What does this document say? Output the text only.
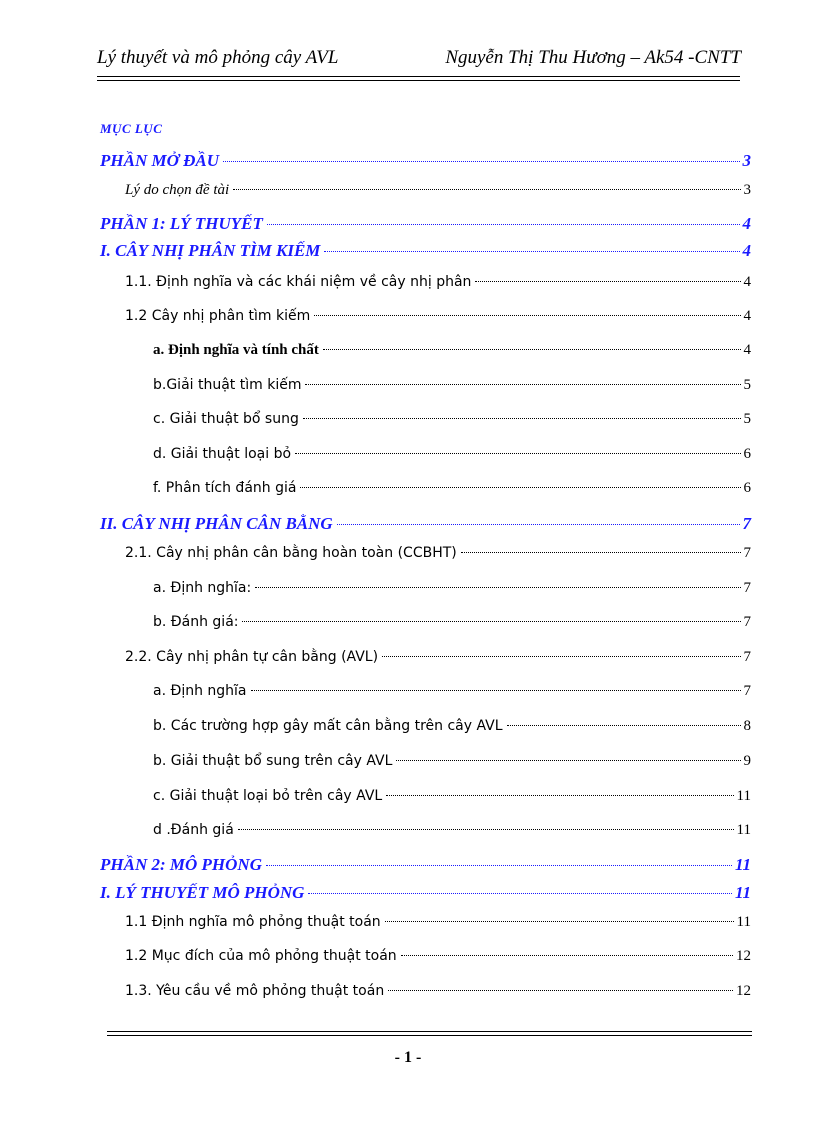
Lý thuyết và mô phỏng cây AVL	Nguyễn Thị Thu Hương – Ak54 -CNTT
MỤC LỤC
PHẦN MỞ ĐẦU	3
Lý do chọn đề tài	3
PHẦN 1: LÝ THUYẾT	4
I. CÂY NHỊ PHÂN TÌM KIẾM	4
1.1. Định nghĩa và các khái niệm về cây nhị phân	4
1.2 Cây nhị phân tìm kiếm	4
a. Định nghĩa và tính chất	4
b.Giải thuật tìm kiếm	5
c. Giải thuật bổ sung	5
d. Giải thuật loại bỏ	6
f. Phân tích đánh giá	6
II. CÂY NHỊ PHÂN CÂN BẰNG	7
2.1. Cây nhị phân cân bằng hoàn toàn (CCBHT)	7
a. Định nghĩa:	7
b. Đánh giá:	7
2.2. Cây nhị phân tự cân bằng (AVL)	7
a. Định nghĩa	7
b. Các trường hợp gây mất cân bằng trên cây AVL	8
b. Giải thuật bổ sung trên cây AVL	9
c. Giải thuật loại bỏ trên cây AVL	11
d .Đánh giá	11
PHẦN 2: MÔ PHỎNG	11
I. LÝ THUYẾT MÔ PHỎNG	11
1.1 Định nghĩa mô phỏng thuật toán	11
1.2 Mục đích của mô phỏng thuật toán	12
1.3. Yêu cầu về mô phỏng thuật toán	12
- 1 -
